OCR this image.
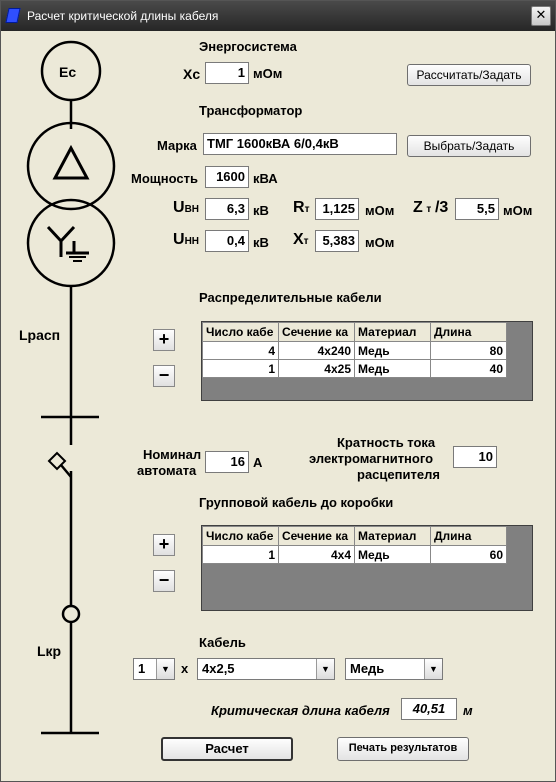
Расчет критической длины кабеля	✕
Ес
Lрасп
Lкр
Энергосистема
Xc	1 мОм	Рассчитать/Задать
Трансформатор
Марка ТМГ 1600кВА 6/0,4кВ	Выбрать/Задать
Мощность	1600 кВА
UВН	6,3 кВ
UНН	0,4 кВ
Rт 1,125 мОм
Xт	5,383 мОм
Z т /3	5,5 мОм
Распределительные кабели
+
−
Число кабе	Сечение ка	Материал	Длина
4	4x240	Медь	80
1	4x25	Медь	40
Номинал
автомата
16 А
Кратность тока
электромагнитного
расцепителя
10
Групповой кабель до коробки
+
−
Число кабе	Сечение ка	Материал	Длина
1	4x4	Медь	60
Кабель
1	▼ x	4x2,5	▼	Медь	▼
Критическая длина кабеля	40,51	м
Расчет	Печать результатов
